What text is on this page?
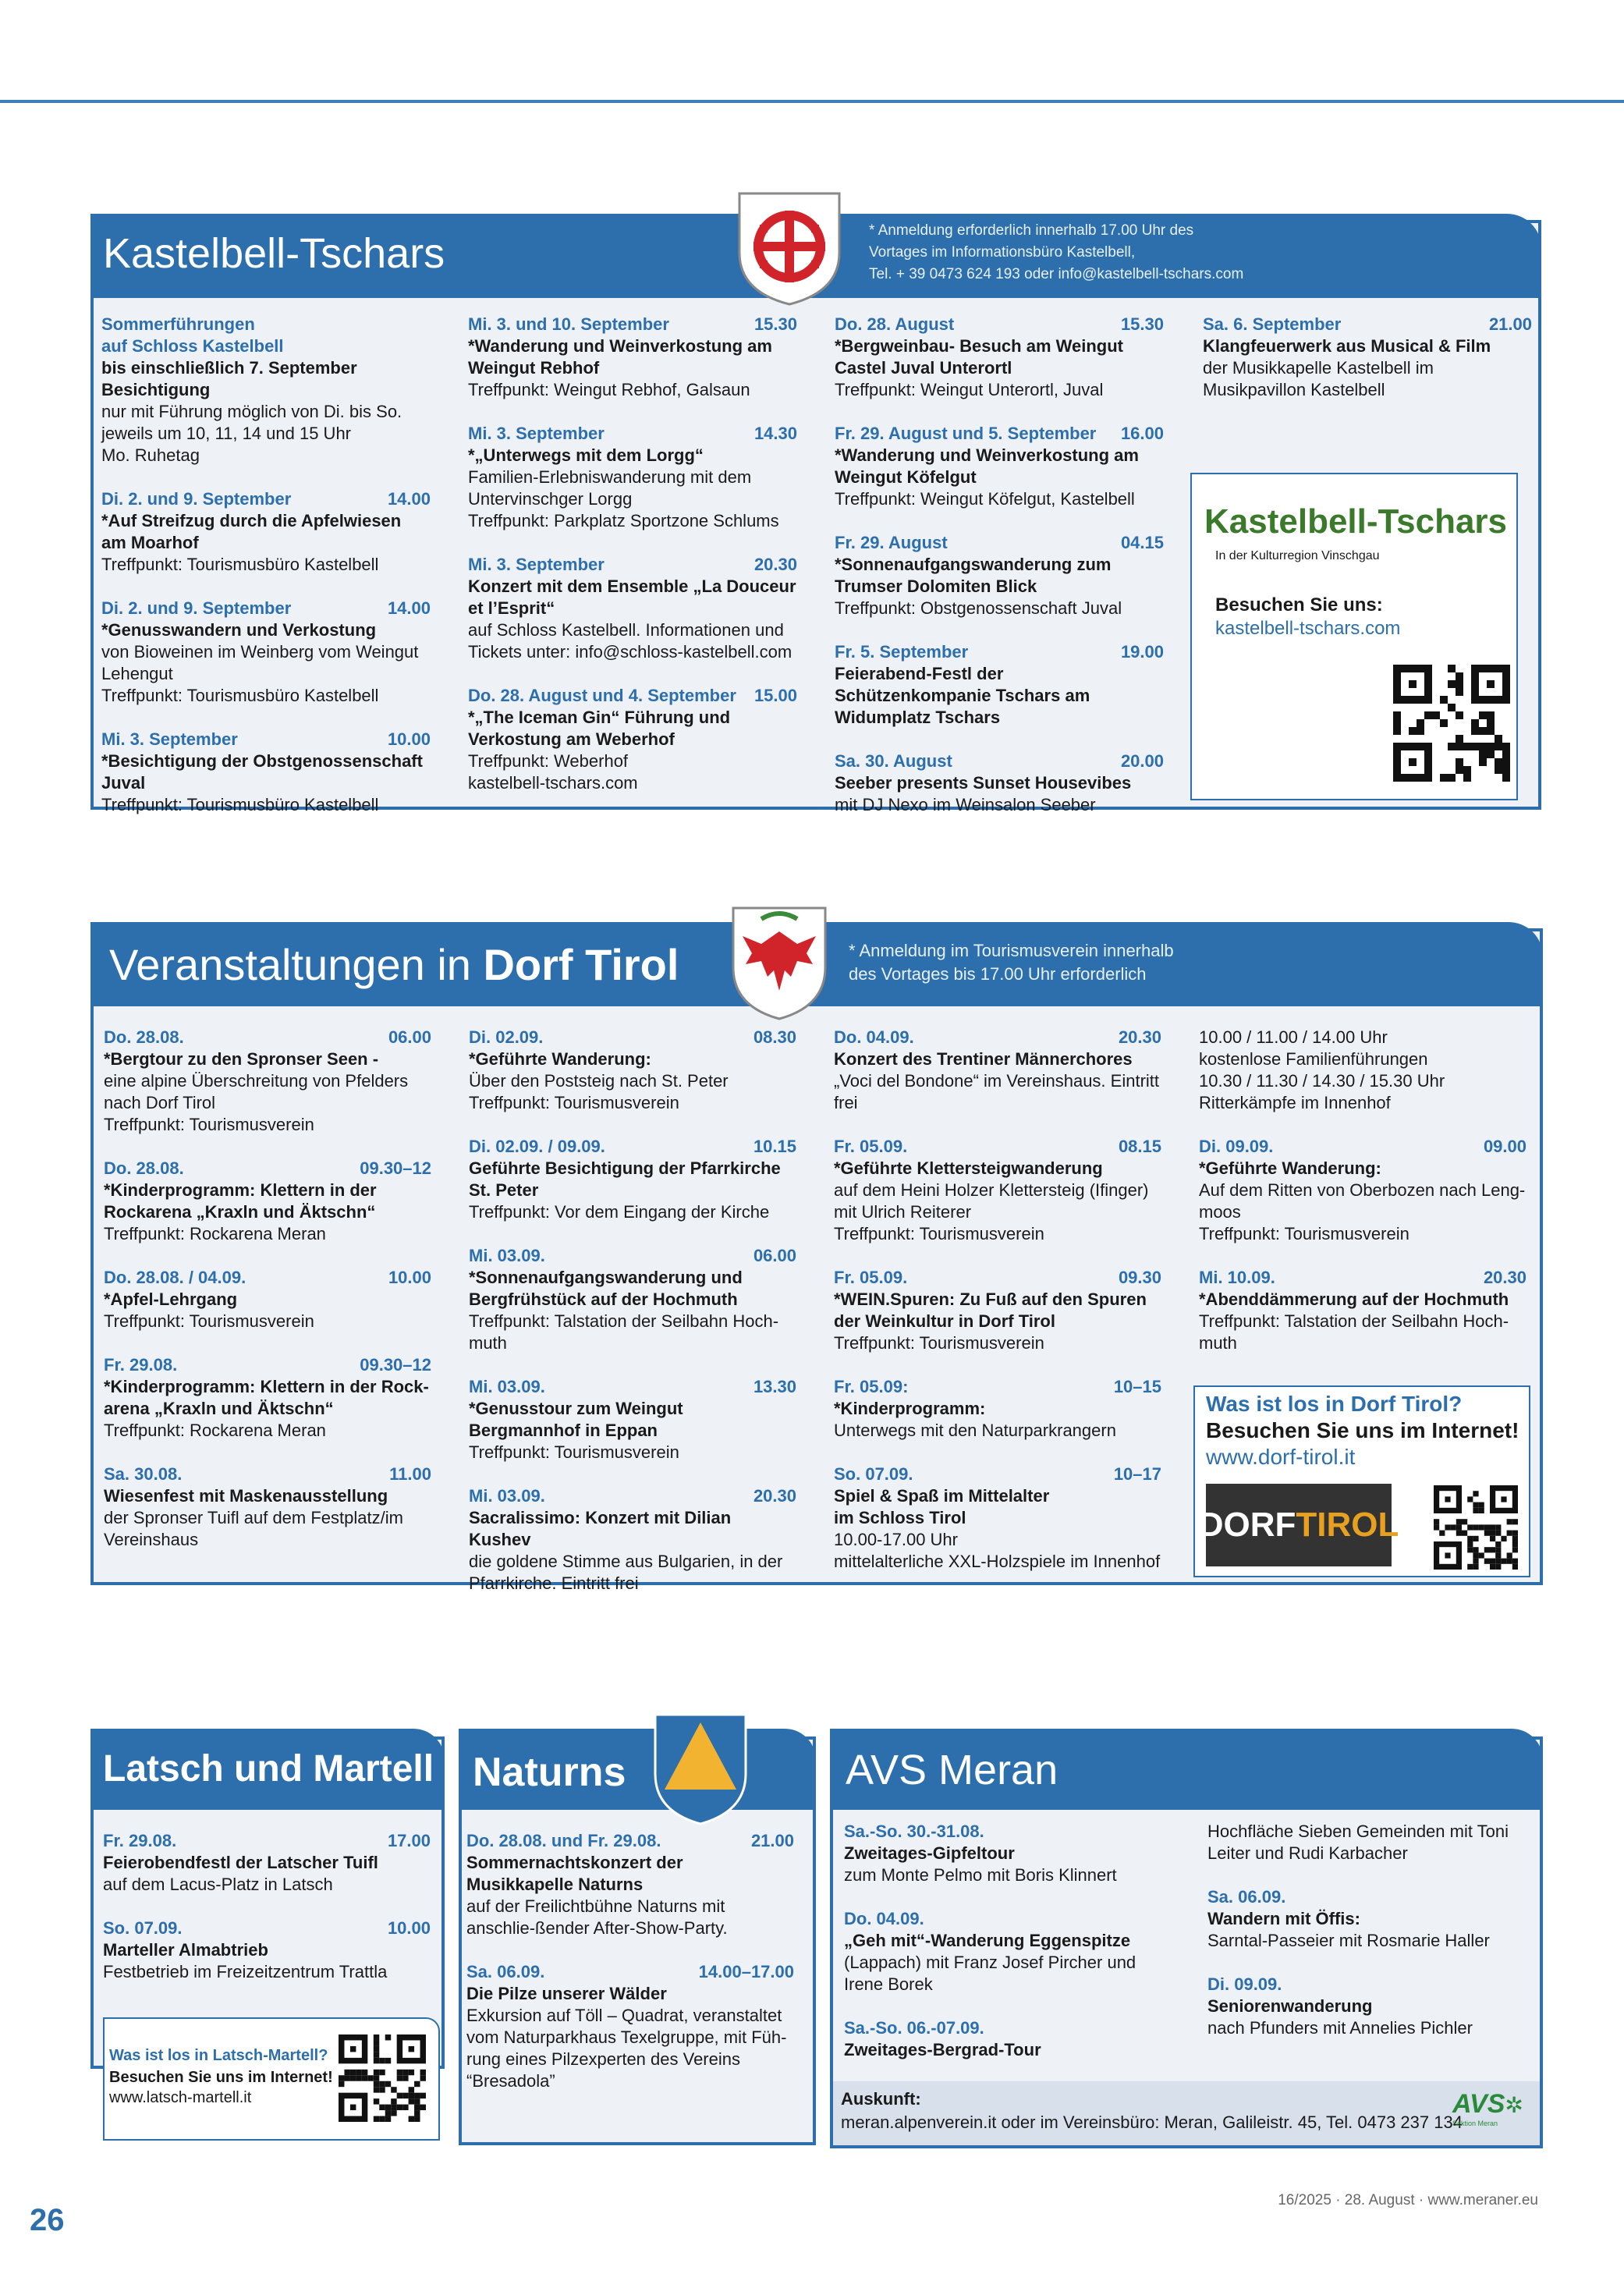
Kastelbell-Tschars	* Anmeldung erforderlich innerhalb 17.00 Uhr des
Vortages im Informationsbüro Kastelbell,
Tel. + 39 0473 624 193 oder info@kastelbell-tschars.com
Sommerführungen
auf Schloss Kastelbell
bis einschließlich 7. September
Besichtigung
nur mit Führung möglich von Di. bis So. jeweils um 10, 11, 14 und 15 Uhr
Mo. Ruhetag
Di. 2. und 9. September	14.00
*Auf Streifzug durch die Apfelwiesen am Moarhof
Treffpunkt: Tourismusbüro Kastelbell
Di. 2. und 9. September	14.00
*Genusswandern und Verkostung
von Bioweinen im Weinberg vom Weingut Lehengut
Treffpunkt: Tourismusbüro Kastelbell
Mi. 3. September	10.00
*Besichtigung der Obstgenossenschaft Juval
Treffpunkt: Tourismusbüro Kastelbell
Mi. 3. und 10. September	15.30
*Wanderung und Weinverkostung am Weingut Rebhof
Treffpunkt: Weingut Rebhof, Galsaun
Mi. 3. September	14.30
*„Unterwegs mit dem Lorgg“
Familien-Erlebniswanderung mit dem Untervinschger Lorgg
Treffpunkt: Parkplatz Sportzone Schlums
Mi. 3. September	20.30
Konzert mit dem Ensemble „La Douceur et l’Esprit“
auf Schloss Kastelbell. Informationen und Tickets unter: info@schloss-kastelbell.com
Do. 28. August und 4. September 15.00
*„The Iceman Gin“ Führung und Verkostung am Weberhof
Treffpunkt: Weberhof
kastelbell-tschars.com
Do. 28. August	15.30
*Bergweinbau- Besuch am Weingut Castel Juval Unterortl
Treffpunkt: Weingut Unterortl, Juval
Fr. 29. August und 5. September 16.00
*Wanderung und Weinverkostung am Weingut Köfelgut
Treffpunkt: Weingut Köfelgut, Kastelbell
Fr. 29. August	04.15
*Sonnenaufgangswanderung zum Trumser Dolomiten Blick
Treffpunkt: Obstgenossenschaft Juval
Fr. 5. September	19.00
Feierabend-Festl der Schützenkompanie Tschars am Widumplatz Tschars
Sa. 30. August	20.00
Seeber presents Sunset Housevibes
mit DJ Nexo im Weinsalon Seeber
Sa. 6. September	21.00
Klangfeuerwerk aus Musical & Film
der Musikkapelle Kastelbell im Musikpavillon Kastelbell
Kastelbell-Tschars
In der Kulturregion Vinschgau
Besuchen Sie uns:
kastelbell-tschars.com
Veranstaltungen in Dorf Tirol	* Anmeldung im Tourismusverein innerhalb
des Vortages bis 17.00 Uhr erforderlich
Do. 28.08.	06.00
*Bergtour zu den Spronser Seen -
eine alpine Überschreitung von Pfelders nach Dorf Tirol
Treffpunkt: Tourismusverein
Do. 28.08.	09.30–12
*Kinderprogramm: Klettern in der Rockarena „Kraxln und Äktschn“
Treffpunkt: Rockarena Meran
Do. 28.08. / 04.09.	10.00
*Apfel-Lehrgang
Treffpunkt: Tourismusverein
Fr. 29.08.	09.30–12
*Kinderprogramm: Klettern in der Rock-arena „Kraxln und Äktschn“
Treffpunkt: Rockarena Meran
Sa. 30.08.	11.00
Wiesenfest mit Maskenausstellung
der Spronser Tuifl auf dem Festplatz/im Vereinshaus
Di. 02.09.	08.30
*Geführte Wanderung:
Über den Poststeig nach St. Peter
Treffpunkt: Tourismusverein
Di. 02.09. / 09.09.	10.15
Geführte Besichtigung der Pfarrkirche St. Peter
Treffpunkt: Vor dem Eingang der Kirche
Mi. 03.09.	06.00
*Sonnenaufgangswanderung und Bergfrühstück auf der Hochmuth
Treffpunkt: Talstation der Seilbahn Hoch-muth
Mi. 03.09.	13.30
*Genusstour zum Weingut Bergmannhof in Eppan
Treffpunkt: Tourismusverein
Mi. 03.09.	20.30
Sacralissimo: Konzert mit Dilian Kushev
die goldene Stimme aus Bulgarien, in der Pfarrkirche. Eintritt frei
Do. 04.09.	20.30
Konzert des Trentiner Männerchores
„Voci del Bondone“ im Vereinshaus. Eintritt frei
Fr. 05.09.	08.15
*Geführte Klettersteigwanderung
auf dem Heini Holzer Klettersteig (Ifinger) mit Ulrich Reiterer
Treffpunkt: Tourismusverein
Fr. 05.09.	09.30
*WEIN.Spuren: Zu Fuß auf den Spuren der Weinkultur in Dorf Tirol
Treffpunkt: Tourismusverein
Fr. 05.09:	10–15
*Kinderprogramm:
Unterwegs mit den Naturparkrangern
So. 07.09.	10–17
Spiel & Spaß im Mittelalter
im Schloss Tirol
10.00-17.00 Uhr
mittelalterliche XXL-Holzspiele im Innenhof
10.00 / 11.00 / 14.00 Uhr
kostenlose Familienführungen
10.30 / 11.30 / 14.30 / 15.30 Uhr
Ritterkämpfe im Innenhof
Di. 09.09.	09.00
*Geführte Wanderung:
Auf dem Ritten von Oberbozen nach Leng-moos
Treffpunkt: Tourismusverein
Mi. 10.09.	20.30
*Abenddämmerung auf der Hochmuth
Treffpunkt: Talstation der Seilbahn Hoch-muth
Was ist los in Dorf Tirol?
Besuchen Sie uns im Internet!
www.dorf-tirol.it
DORF TIROL
Latsch und Martell
Fr. 29.08.	17.00
Feierobendfestl der Latscher Tuifl
auf dem Lacus-Platz in Latsch
So. 07.09.	10.00
Marteller Almabtrieb
Festbetrieb im Freizeitzentrum Trattla
Was ist los in Latsch-Martell?
Besuchen Sie uns im Internet!
www.latsch-martell.it
Naturns
Do. 28.08. und Fr. 29.08.	21.00
Sommernachtskonzert der Musikkapelle Naturns
auf der Freilichtbühne Naturns mit anschlie-ßender After-Show-Party.
Sa. 06.09.	14.00–17.00
Die Pilze unserer Wälder
Exkursion auf Töll – Quadrat, veranstaltet vom Naturparkhaus Texelgruppe, mit Füh-rung eines Pilzexperten des Vereins “Bresadola”
AVS Meran
Sa.-So. 30.-31.08.
Zweitages-Gipfeltour
zum Monte Pelmo mit Boris Klinnert
Do. 04.09.
„Geh mit“-Wanderung Eggenspitze
(Lappach) mit Franz Josef Pircher und Irene Borek
Sa.-So. 06.-07.09.
Zweitages-Bergrad-Tour
Hochfläche Sieben Gemeinden mit Toni Leiter und Rudi Karbacher
Sa. 06.09.
Wandern mit Öffis:
Sarntal-Passeier mit Rosmarie Haller
Di. 09.09.
Seniorenwanderung
nach Pfunders mit Annelies Pichler
Auskunft:
meran.alpenverein.it oder im Vereinsbüro: Meran, Galileistr. 45, Tel. 0473 237 134
AVS✲
Sektion Meran
26
16/2025 · 28. August · www.meraner.eu
